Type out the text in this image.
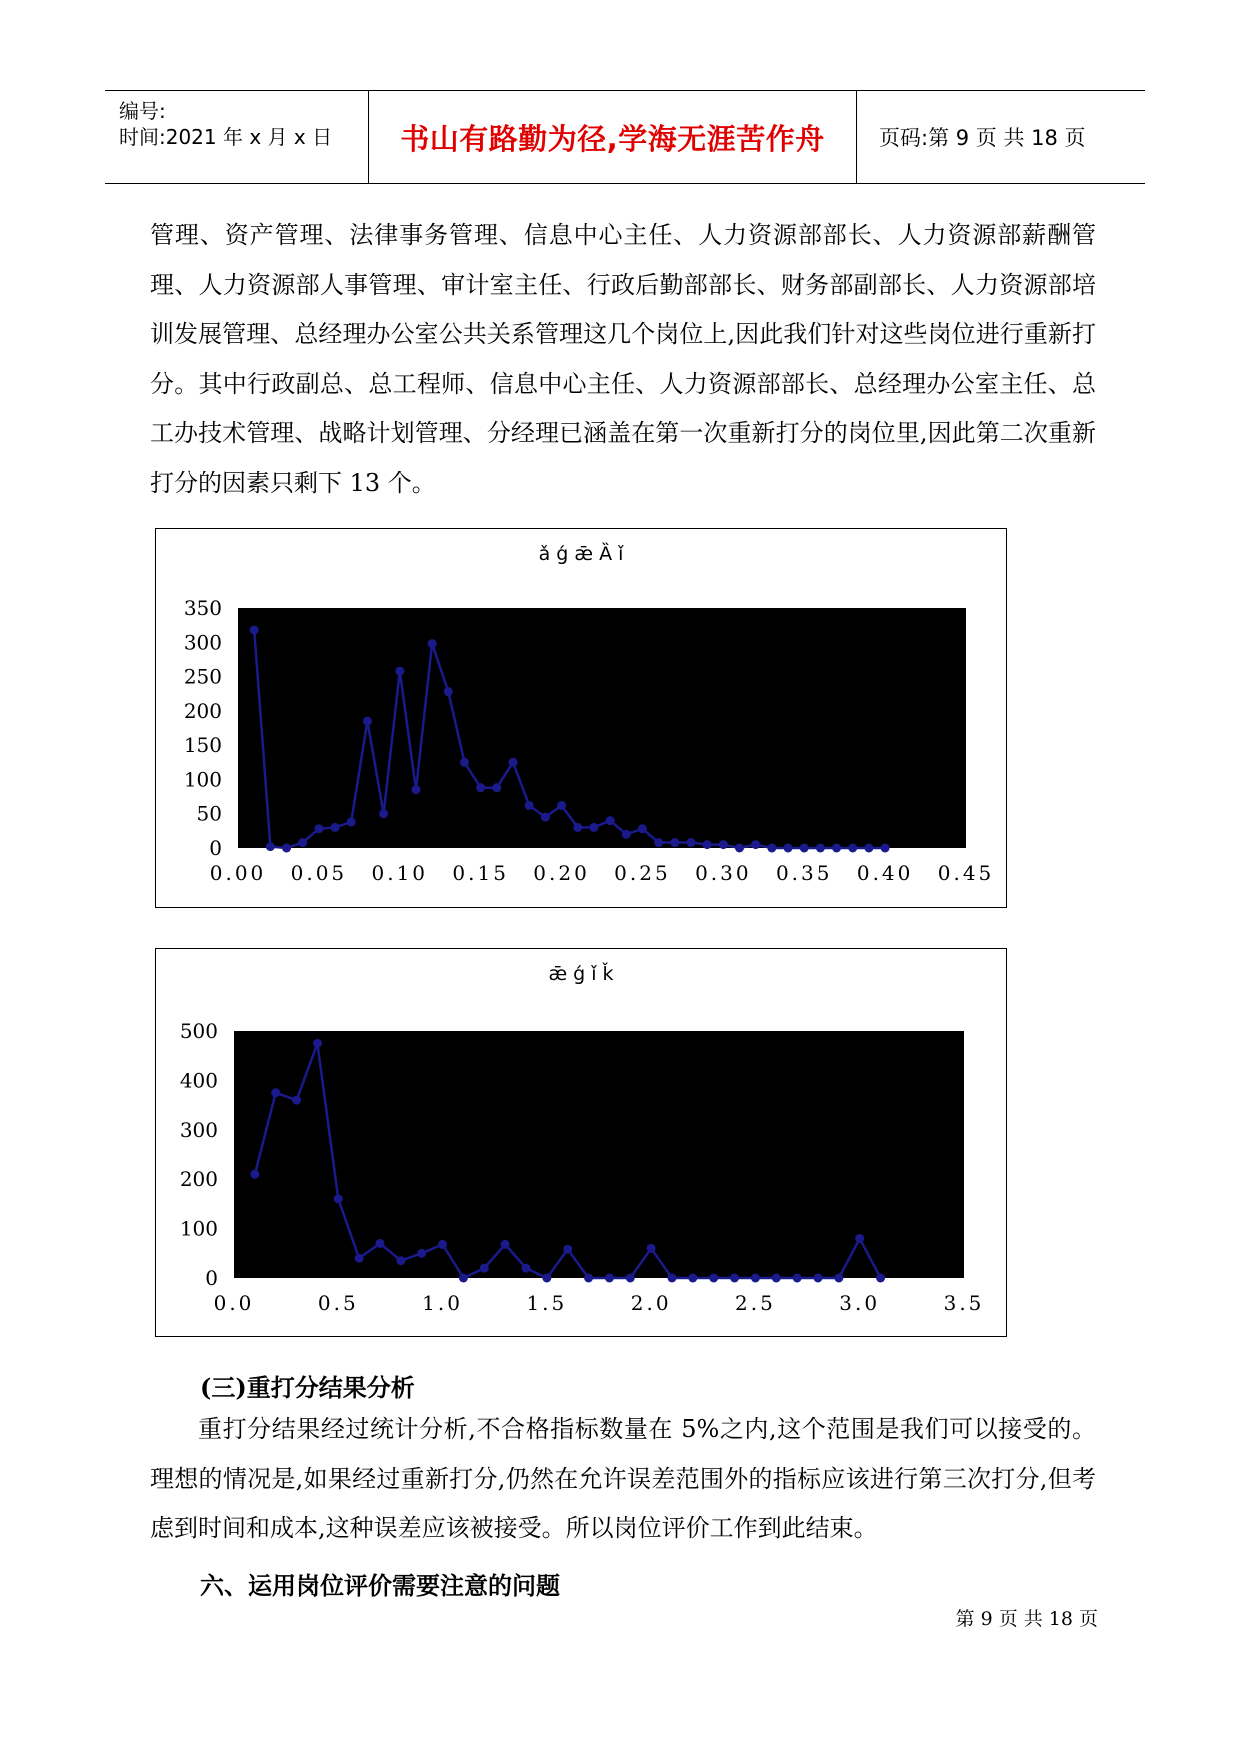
编号:
时间:2021 年 x 月 x 日 书山有路勤为径,学海无涯苦作舟	页码:第 9 页 共 18 页
管理、资产管理、法律事务管理、信息中心主任、人力资源部部长、人力资源部薪酬管理、人力资源部人事管理、审计室主任、行政后勤部部长、财务部副部长、人力资源部培训发展管理、总经理办公室公共关系管理这几个岗位上,因此我们针对这些岗位进行重新打分。其中行政副总、总工程师、信息中心主任、人力资源部部长、总经理办公室主任、总工办技术管理、战略计划管理、分经理已涵盖在第一次重新打分的岗位里,因此第二次重新打分的因素只剩下 13 个。
ǎ ǵ ǣ Ȁ ǐ
0
50
100
150
200
250
300
350
0.00 0.05 0.10 0.15 0.20 0.25 0.30 0.35 0.40 0.45
ǣ ǵ ǐ ǩ
0
100
200
300
400
500
0.0	0.5	1.0	1.5	2.0	2.5	3.0	3.5
(三)重打分结果分析
重打分结果经过统计分析,不合格指标数量在 5%之内,这个范围是我们可以接受的。理想的情况是,如果经过重新打分,仍然在允许误差范围外的指标应该进行第三次打分,但考虑到时间和成本,这种误差应该被接受。所以岗位评价工作到此结束。
六、运用岗位评价需要注意的问题
第 9 页 共 18 页
